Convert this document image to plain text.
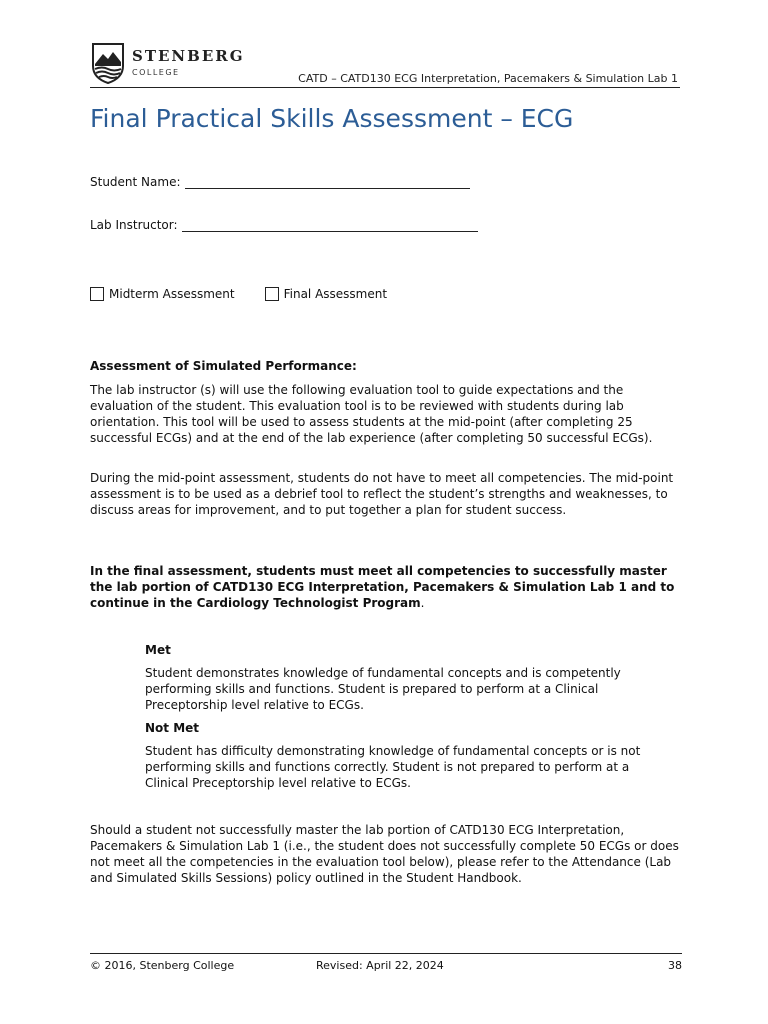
STENBERG
COLLEGE	CATD – CATD130 ECG Interpretation, Pacemakers & Simulation Lab 1
Final Practical Skills Assessment – ECG
Student Name:
Lab Instructor:
Midterm Assessment	Final Assessment
Assessment of Simulated Performance:

The lab instructor (s) will use the following evaluation tool to guide expectations and the evaluation of the student. This evaluation tool is to be reviewed with students during lab orientation. This tool will be used to assess students at the mid-point (after completing 25 successful ECGs) and at the end of the lab experience (after completing 50 successful ECGs).

During the mid-point assessment, students do not have to meet all competencies. The mid-point assessment is to be used as a debrief tool to reflect the student’s strengths and weaknesses, to discuss areas for improvement, and to put together a plan for student success.

In the final assessment, students must meet all competencies to successfully master the lab portion of CATD130 ECG Interpretation, Pacemakers & Simulation Lab 1 and to continue in the Cardiology Technologist Program.

Met
Student demonstrates knowledge of fundamental concepts and is competently performing skills and functions. Student is prepared to perform at a Clinical Preceptorship level relative to ECGs.
Not Met
Student has difficulty demonstrating knowledge of fundamental concepts or is not performing skills and functions correctly. Student is not prepared to perform at a Clinical Preceptorship level relative to ECGs.

Should a student not successfully master the lab portion of CATD130 ECG Interpretation, Pacemakers & Simulation Lab 1 (i.e., the student does not successfully complete 50 ECGs or does not meet all the competencies in the evaluation tool below), please refer to the Attendance (Lab and Simulated Skills Sessions) policy outlined in the Student Handbook.

© 2016, Stenberg College	Revised: April 22, 2024	38
